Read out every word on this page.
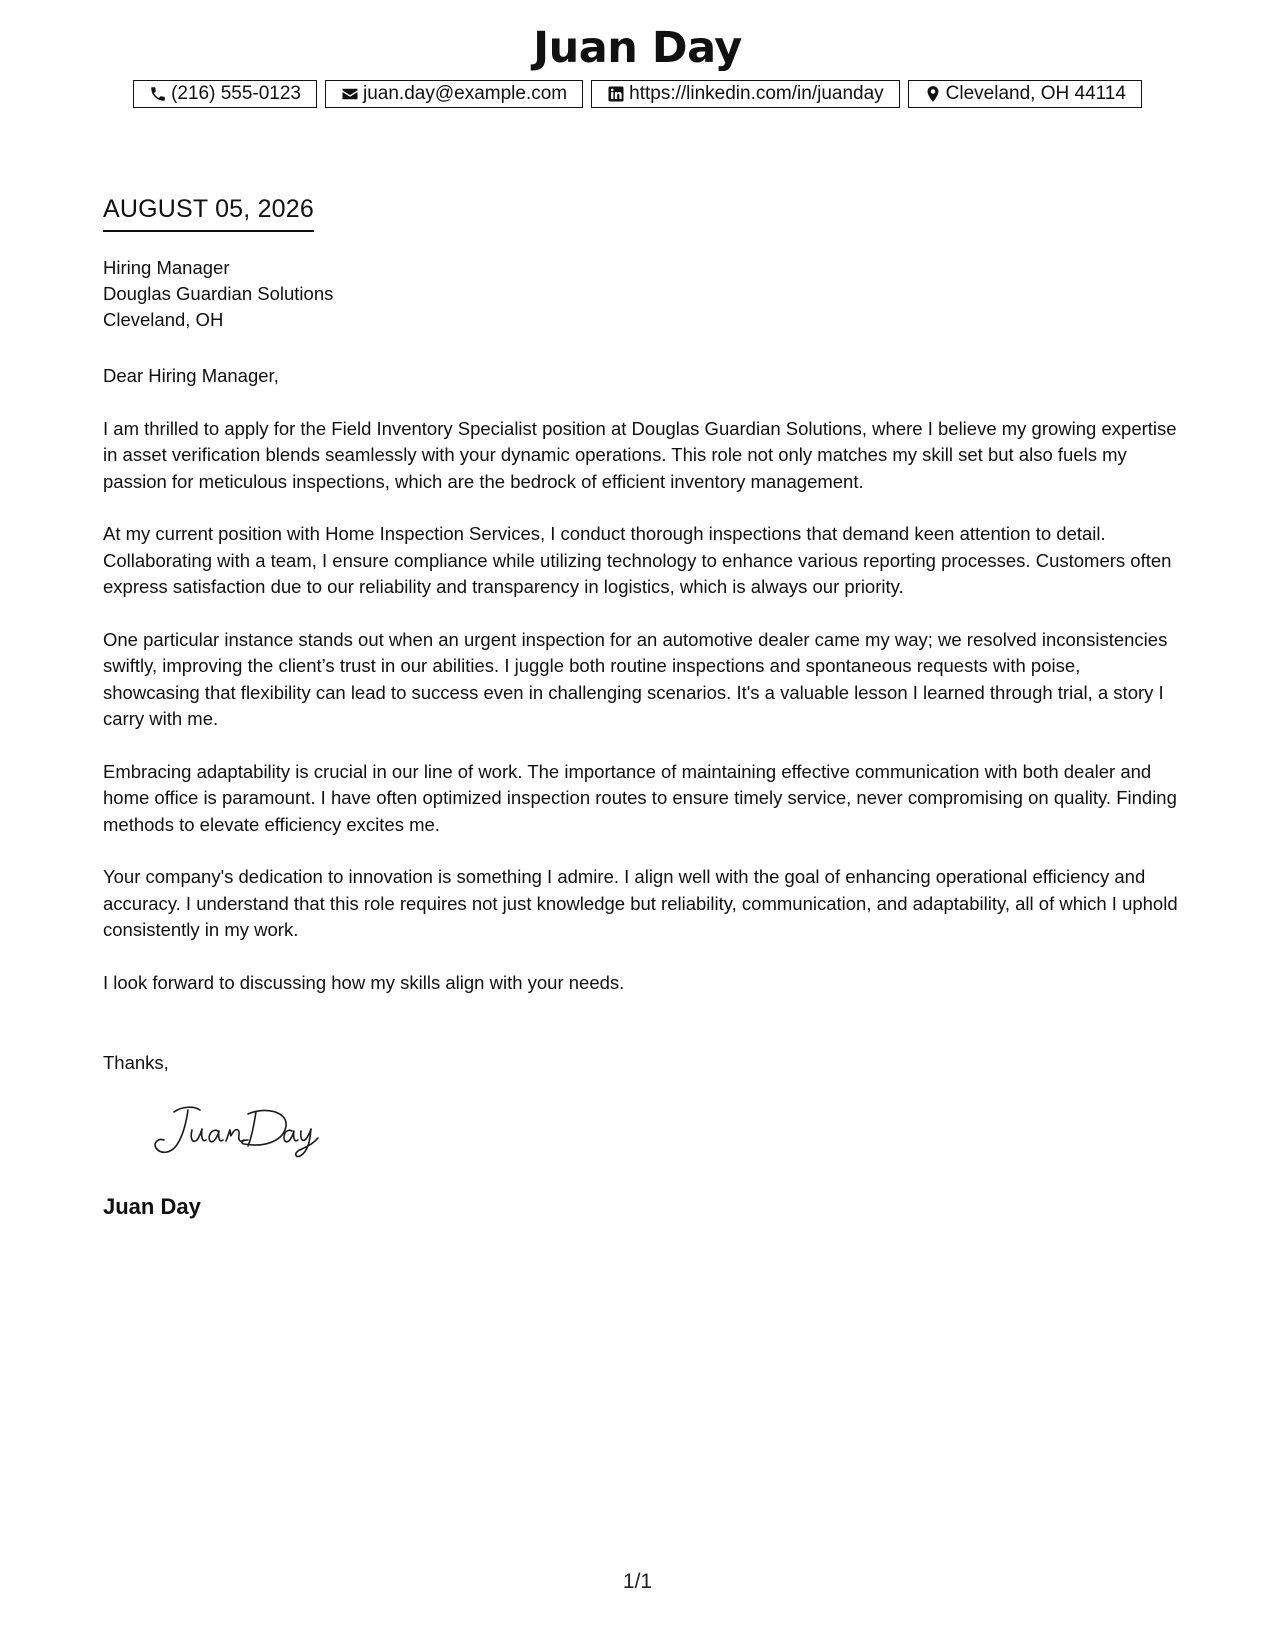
Juan Day
(216) 555-0123	juan.day@example.com	https://linkedin.com/in/juanday	Cleveland, OH 44114
AUGUST 05, 2026
Hiring Manager
Douglas Guardian Solutions
Cleveland, OH

Dear Hiring Manager,

I am thrilled to apply for the Field Inventory Specialist position at Douglas Guardian Solutions, where I believe my growing expertise in asset verification blends seamlessly with your dynamic operations. This role not only matches my skill set but also fuels my passion for meticulous inspections, which are the bedrock of efficient inventory management.

At my current position with Home Inspection Services, I conduct thorough inspections that demand keen attention to detail. Collaborating with a team, I ensure compliance while utilizing technology to enhance various reporting processes. Customers often express satisfaction due to our reliability and transparency in logistics, which is always our priority.

One particular instance stands out when an urgent inspection for an automotive dealer came my way; we resolved inconsistencies swiftly, improving the client’s trust in our abilities. I juggle both routine inspections and spontaneous requests with poise, showcasing that flexibility can lead to success even in challenging scenarios. It's a valuable lesson I learned through trial, a story I carry with me.

Embracing adaptability is crucial in our line of work. The importance of maintaining effective communication with both dealer and home office is paramount. I have often optimized inspection routes to ensure timely service, never compromising on quality. Finding methods to elevate efficiency excites me.

Your company's dedication to innovation is something I admire. I align well with the goal of enhancing operational efficiency and accuracy. I understand that this role requires not just knowledge but reliability, communication, and adaptability, all of which I uphold consistently in my work.

I look forward to discussing how my skills align with your needs.

Thanks,
Juan Day
1/1
